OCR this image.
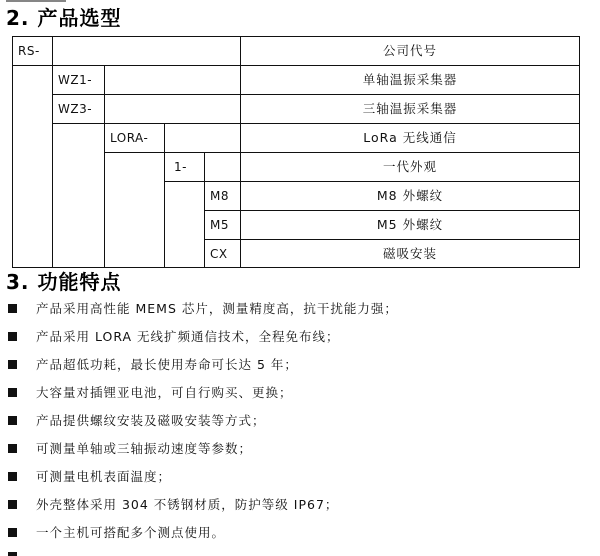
2. 产品选型
RS-
WZ1-
WZ3-
LORA-
1-
M8
M5
CX
公司代号
单轴温振采集器
三轴温振采集器
LoRa 无线通信
一代外观
M8 外螺纹
M5 外螺纹
磁吸安装
3. 功能特点
产品采用高性能 MEMS 芯片，测量精度高，抗干扰能力强；
产品采用 LORA 无线扩频通信技术，全程免布线；
产品超低功耗，最长使用寿命可长达 5 年；
大容量对插锂亚电池，可自行购买、更换；
产品提供螺纹安装及磁吸安装等方式；
可测量单轴或三轴振动速度等参数；
可测量电机表面温度；
外壳整体采用 304 不锈钢材质，防护等级 IP67；
一个主机可搭配多个测点使用。
